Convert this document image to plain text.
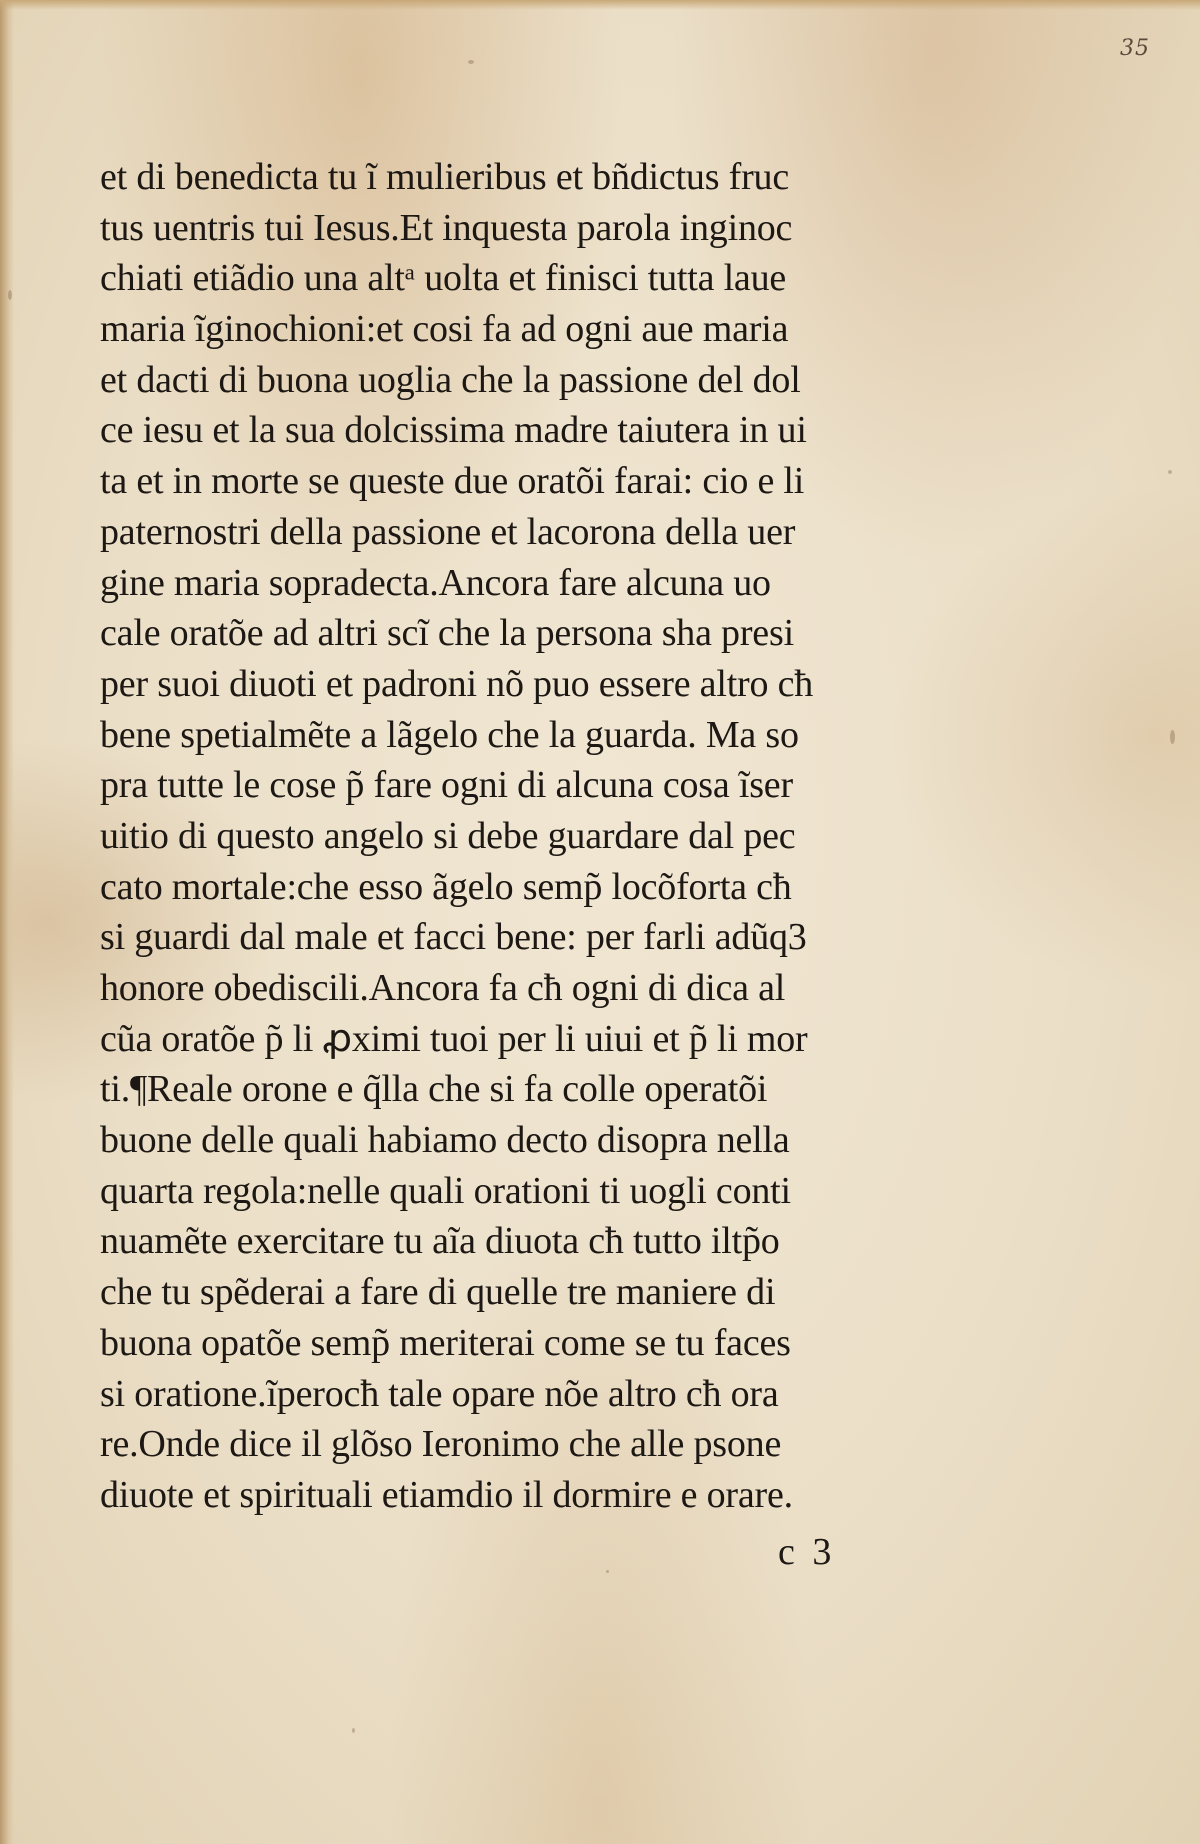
35
et di benedicta tu ĩ mulieribus et bñdictus fruc
tus uentris tui Iesus.Et inquesta parola inginoc
chiati etiãdio una altᵃ uolta et finisci tutta laue
maria ĩginochioni:et cosi fa ad ogni aue maria
et dacti di buona uoglia che la passione del dol
ce iesu et la sua dolcissima madre taiutera in ui
ta et in morte se queste due oratõi farai: cio e li
paternostri della passione et lacorona della uer
gine maria sopradecta.Ancora fare alcuna uo
cale oratõe ad altri scĩ che la persona sha presi
per suoi diuoti et padroni nõ puo essere altro cħ
bene spetialmẽte a lãgelo che la guarda. Ma so
pra tutte le cose p̃ fare ogni di alcuna cosa ĩser
uitio di questo angelo si debe guardare dal pec
cato mortale:che esso ãgelo semp̃ locõforta cħ
si guardi dal male et facci bene: per farli adũq3
honore obediscili.Ancora fa cħ ogni di dica al
cũa oratõe p̃ li ꝓximi tuoi per li uiui et p̃ li mor
ti.¶Reale orone e q̃lla che si fa colle operatõi
buone delle quali habiamo decto disopra nella
quarta regola:nelle quali orationi ti uogli conti
nuamẽte exercitare tu aĩa diuota cħ tutto iltp̃o
che tu spẽderai a fare di quelle tre maniere di
buona opatõe semp̃ meriterai come se tu faces
si oratione.ĩperocħ tale opare nõe altro cħ ora
re.Onde dice il glõso Ieronimo che alle psone
diuote et spirituali etiamdio il dormire e orare.
c 3
